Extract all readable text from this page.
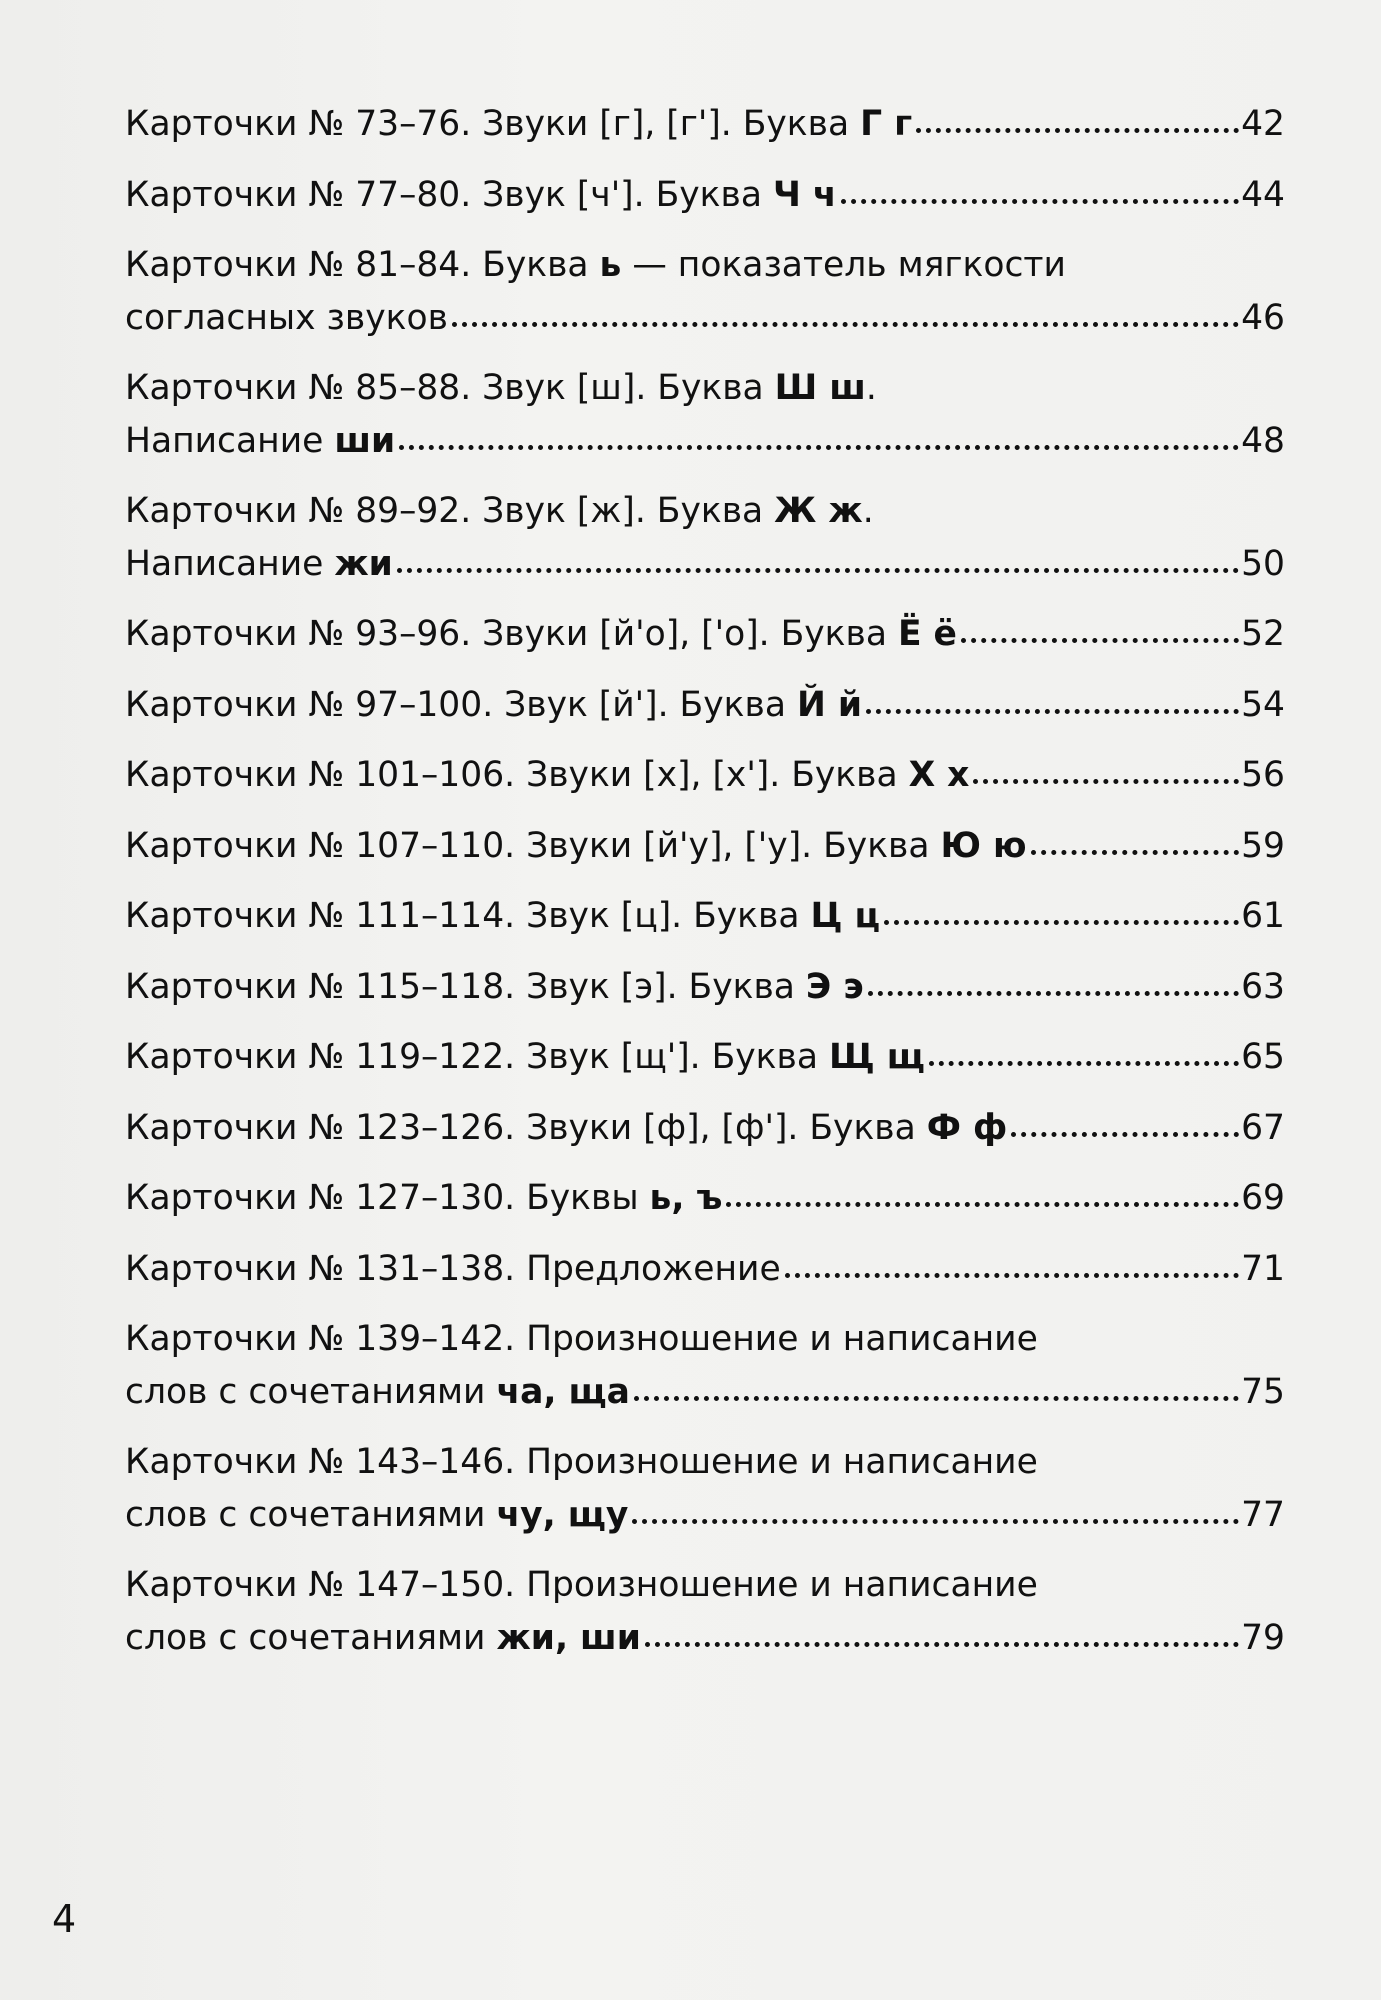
Карточки № 73–76. Звуки [г], [г']. Буква Г г	42
Карточки № 77–80. Звук [ч']. Буква Ч ч	44
Карточки № 81–84. Буква ь — показатель мягкости
согласных звуков	46
Карточки № 85–88. Звук [ш]. Буква Ш ш .
Написание ши	48
Карточки № 89–92. Звук [ж]. Буква Ж ж .
Написание жи	50
Карточки № 93–96. Звуки [й'о], ['о]. Буква Ё ё	52
Карточки № 97–100. Звук [й']. Буква Й й	54
Карточки № 101–106. Звуки [х], [х']. Буква Х х	56
Карточки № 107–110. Звуки [й'у], ['у]. Буква Ю ю	59
Карточки № 111–114. Звук [ц]. Буква Ц ц	61
Карточки № 115–118. Звук [э]. Буква Э э	63
Карточки № 119–122. Звук [щ']. Буква Щ щ	65
Карточки № 123–126. Звуки [ф], [ф']. Буква Ф ф	67
Карточки № 127–130. Буквы ь, ъ	69
Карточки № 131–138. Предложение	71
Карточки № 139–142. Произношение и написание
слов с сочетаниями ча, ща	75
Карточки № 143–146. Произношение и написание
слов с сочетаниями чу, щу	77
Карточки № 147–150. Произношение и написание
слов с сочетаниями жи, ши	79
4
